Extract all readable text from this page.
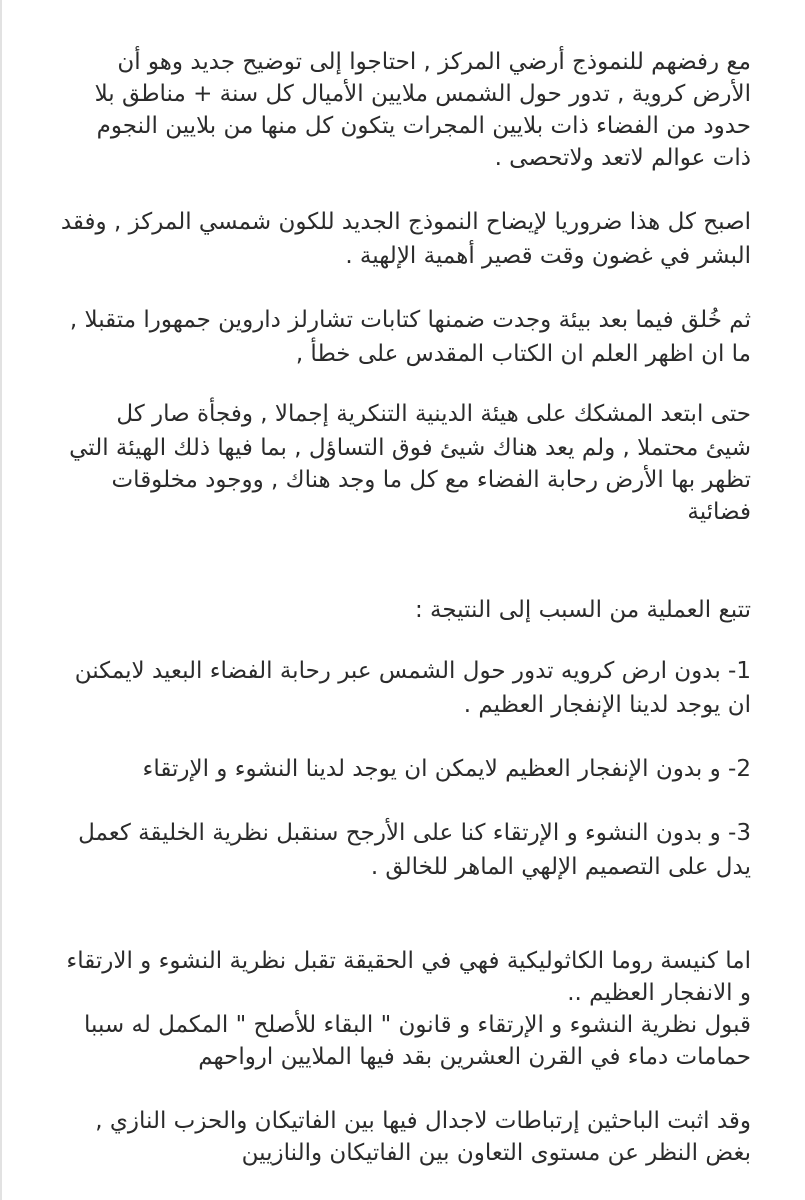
مع رفضهم للنموذج أرضي المركز , احتاجوا إلى توضيح جديد وهو أن
الأرض كروية , تدور حول الشمس ملايين الأميال كل سنة + مناطق بلا
حدود من الفضاء ذات بلايين المجرات يتكون كل منها من بلايين النجوم
ذات عوالم لاتعد ولاتحصى .
اصبح كل هذا ضروريا لإيضاح النموذج الجديد للكون شمسي المركز , وفقد
البشر في غضون وقت قصير أهمية الإلهية .
ثم خُلق فيما بعد بيئة وجدت ضمنها كتابات تشارلز داروين جمهورا متقبلا ,
ما ان اظهر العلم ان الكتاب المقدس على خطأ ,
حتى ابتعد المشكك على هيئة الدينية التنكرية إجمالا , وفجأة صار كل
شيئ محتملا , ولم يعد هناك شيئ فوق التساؤل , بما فيها ذلك الهيئة التي
تظهر بها الأرض رحابة الفضاء مع كل ما وجد هناك , ووجود مخلوقات
فضائية
تتبع العملية من السبب إلى النتيجة :
1- بدون ارض كرويه تدور حول الشمس عبر رحابة الفضاء البعيد لايمكنن
ان يوجد لدينا الإنفجار العظيم .
2- و بدون الإنفجار العظيم لايمكن ان يوجد لدينا النشوء و الإرتقاء
3- و بدون النشوء و الإرتقاء كنا على الأرجح سنقبل نظرية الخليقة كعمل
يدل على التصميم الإلهي الماهر للخالق .
اما كنيسة روما الكاثوليكية فهي في الحقيقة تقبل نظرية النشوء و الارتقاء
و الانفجار العظيم ..
قبول نظرية النشوء و الإرتقاء و قانون " البقاء للأصلح " المكمل له سببا
حمامات دماء في القرن العشرين بقد فيها الملايين ارواحهم
وقد اثبت الباحثين إرتباطات لاجدال فيها بين الفاتيكان والحزب النازي ,
بغض النظر عن مستوى التعاون بين الفاتيكان والنازيين
